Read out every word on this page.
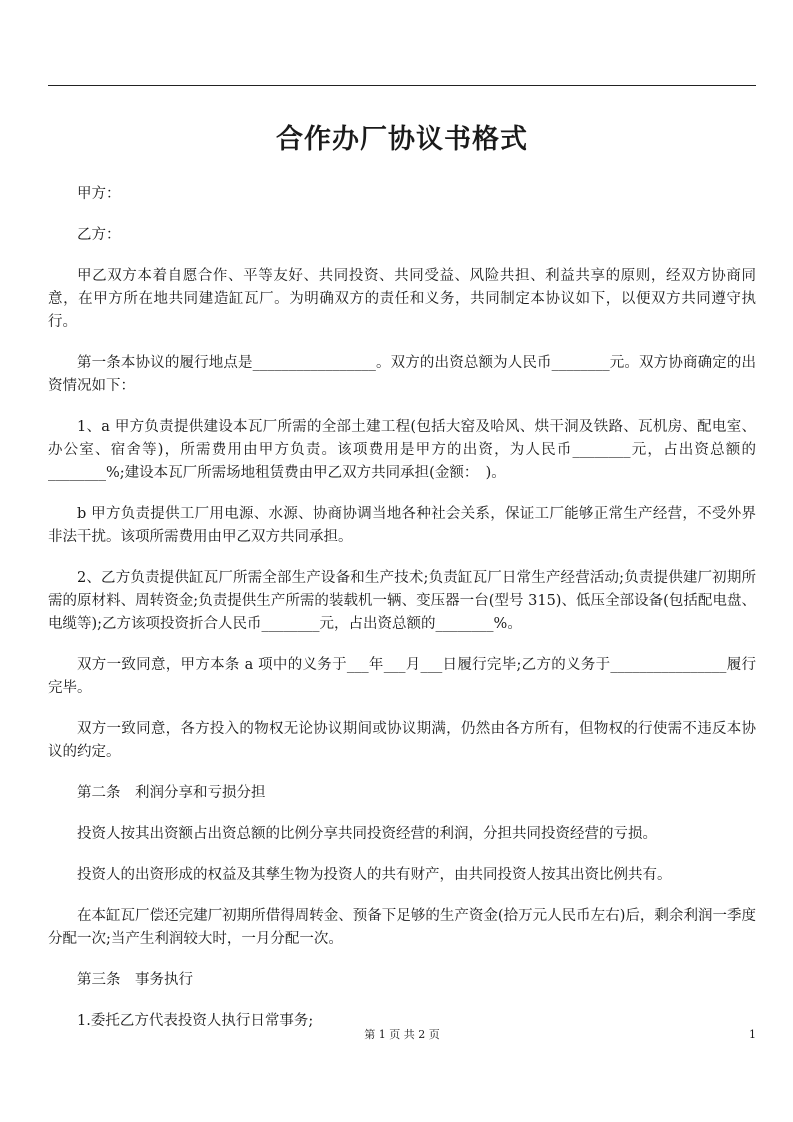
合作办厂协议书格式

甲方：

乙方：

甲乙双方本着自愿合作、平等友好、共同投资、共同受益、风险共担、利益共享的原则，经双方协商同意，在甲方所在地共同建造缸瓦厂。为明确双方的责任和义务，共同制定本协议如下，以便双方共同遵守执行。

第一条本协议的履行地点是_________________。双方的出资总额为人民币________元。双方协商确定的出资情况如下：

1、a 甲方负责提供建设本瓦厂所需的全部土建工程(包括大窑及哈风、烘干洞及铁路、瓦机房、配电室、办公室、宿舍等)，所需费用由甲方负责。该项费用是甲方的出资，为人民币________元，占出资总额的________%;建设本瓦厂所需场地租赁费由甲乙双方共同承担(金额：　)。

b 甲方负责提供工厂用电源、水源、协商协调当地各种社会关系，保证工厂能够正常生产经营，不受外界非法干扰。该项所需费用由甲乙双方共同承担。

2、乙方负责提供缸瓦厂所需全部生产设备和生产技术;负责缸瓦厂日常生产经营活动;负责提供建厂初期所需的原材料、周转资金;负责提供生产所需的装载机一辆、变压器一台(型号 315)、低压全部设备(包括配电盘、电缆等);乙方该项投资折合人民币________元，占出资总额的________%。

双方一致同意，甲方本条 a 项中的义务于___年___月___日履行完毕;乙方的义务于________________履行完毕。

双方一致同意，各方投入的物权无论协议期间或协议期满，仍然由各方所有，但物权的行使需不违反本协议的约定。

第二条　利润分享和亏损分担

投资人按其出资额占出资总额的比例分享共同投资经营的利润，分担共同投资经营的亏损。

投资人的出资形成的权益及其孳生物为投资人的共有财产，由共同投资人按其出资比例共有。

在本缸瓦厂偿还完建厂初期所借得周转金、预备下足够的生产资金(拾万元人民币左右)后，剩余利润一季度分配一次;当产生利润较大时，一月分配一次。

第三条　事务执行

1.委托乙方代表投资人执行日常事务;

第 1 页 共 2 页	1
